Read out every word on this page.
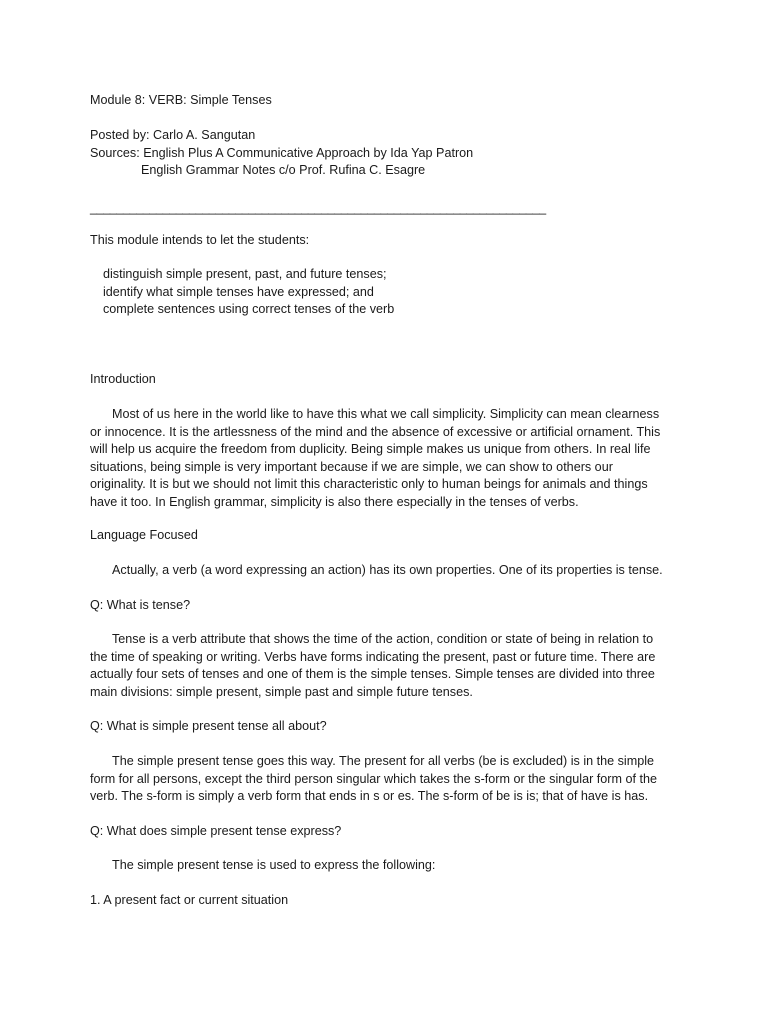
Module 8: VERB: Simple Tenses
Posted by: Carlo A. Sangutan
Sources: English Plus A Communicative Approach by Ida Yap Patron
English Grammar Notes c/o Prof. Rufina C. Esagre
_____________________________________________________________________
This module intends to let the students:
distinguish simple present, past, and future tenses;
identify what simple tenses have expressed; and
complete sentences using correct tenses of the verb
Introduction
Most of us here in the world like to have this what we call simplicity. Simplicity can mean clearness or innocence. It is the artlessness of the mind and the absence of excessive or artificial ornament. This will help us acquire the freedom from duplicity. Being simple makes us unique from others. In real life situations, being simple is very important because if we are simple, we can show to others our originality. It is but we should not limit this characteristic only to human beings for animals and things have it too. In English grammar, simplicity is also there especially in the tenses of verbs.
Language Focused
Actually, a verb (a word expressing an action) has its own properties. One of its properties is tense.
Q: What is tense?
Tense is a verb attribute that shows the time of the action, condition or state of being in relation to the time of speaking or writing. Verbs have forms indicating the present, past or future time. There are actually four sets of tenses and one of them is the simple tenses. Simple tenses are divided into three main divisions: simple present, simple past and simple future tenses.
Q: What is simple present tense all about?
The simple present tense goes this way. The present for all verbs (be is excluded) is in the simple form for all persons, except the third person singular which takes the s-form or the singular form of the verb. The s-form is simply a verb form that ends in s or es. The s-form of be is is; that of have is has.
Q: What does simple present tense express?
The simple present tense is used to express the following:
1. A present fact or current situation
